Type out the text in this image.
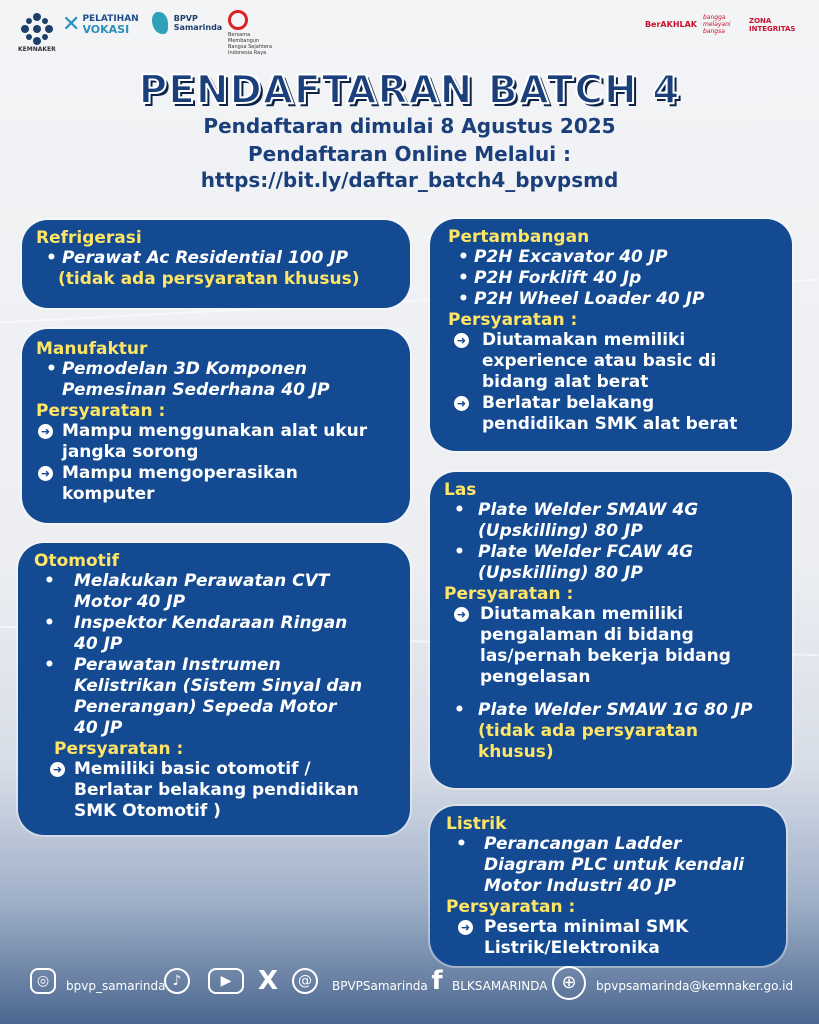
KEMNAKER
✕ PELATIHAN
VOKASI

BPVP
Samarinda
Bersama Membangun Bangsa Sejahtera Indonesia Raya
BerAKHLAK
bangga melayani bangsa
ZONA INTEGRITAS
PENDAFTARAN BATCH 4
Pendaftaran dimulai 8 Agustus 2025
Pendaftaran Online Melalui :
https://bit.ly/daftar_batch4_bpvpsmd
Refrigerasi
• Perawat Ac Residential 100 JP
(tidak ada persyaratan khusus)
Manufaktur
• Pemodelan 3D Komponen
Pemesinan Sederhana 40 JP
Persyaratan :
➜ Mampu menggunakan alat ukur
jangka sorong
➜ Mampu mengoperasikan
komputer
Otomotif
• Melakukan Perawatan CVT
Motor 40 JP
• Inspektor Kendaraan Ringan
40 JP
• Perawatan Instrumen
Kelistrikan (Sistem Sinyal dan
Penerangan) Sepeda Motor
40 JP
Persyaratan :
➜ Memiliki basic otomotif /
Berlatar belakang pendidikan
SMK Otomotif )
Pertambangan
• P2H Excavator 40 JP
• P2H Forklift 40 Jp
• P2H Wheel Loader 40 JP
Persyaratan :
➜ Diutamakan memiliki
experience atau basic di
bidang alat berat
➜ Berlatar belakang
pendidikan SMK alat berat
Las
• Plate Welder SMAW 4G
(Upskilling) 80 JP
• Plate Welder FCAW 4G
(Upskilling) 80 JP
Persyaratan :
➜ Diutamakan memiliki
pengalaman di bidang
las/pernah bekerja bidang
pengelasan
• Plate Welder SMAW 1G 80 JP
(tidak ada persyaratan
khusus)
Listrik
• Perancangan Ladder
Diagram PLC untuk kendali
Motor Industri 40 JP
Persyaratan :
➜ Peserta minimal SMK
Listrik/Elektronika
◎	bpvp_samarinda ♪	▶	X	@	BPVPSamarinda f BLKSAMARINDA ⊕	bpvpsamarinda@kemnaker.go.id
